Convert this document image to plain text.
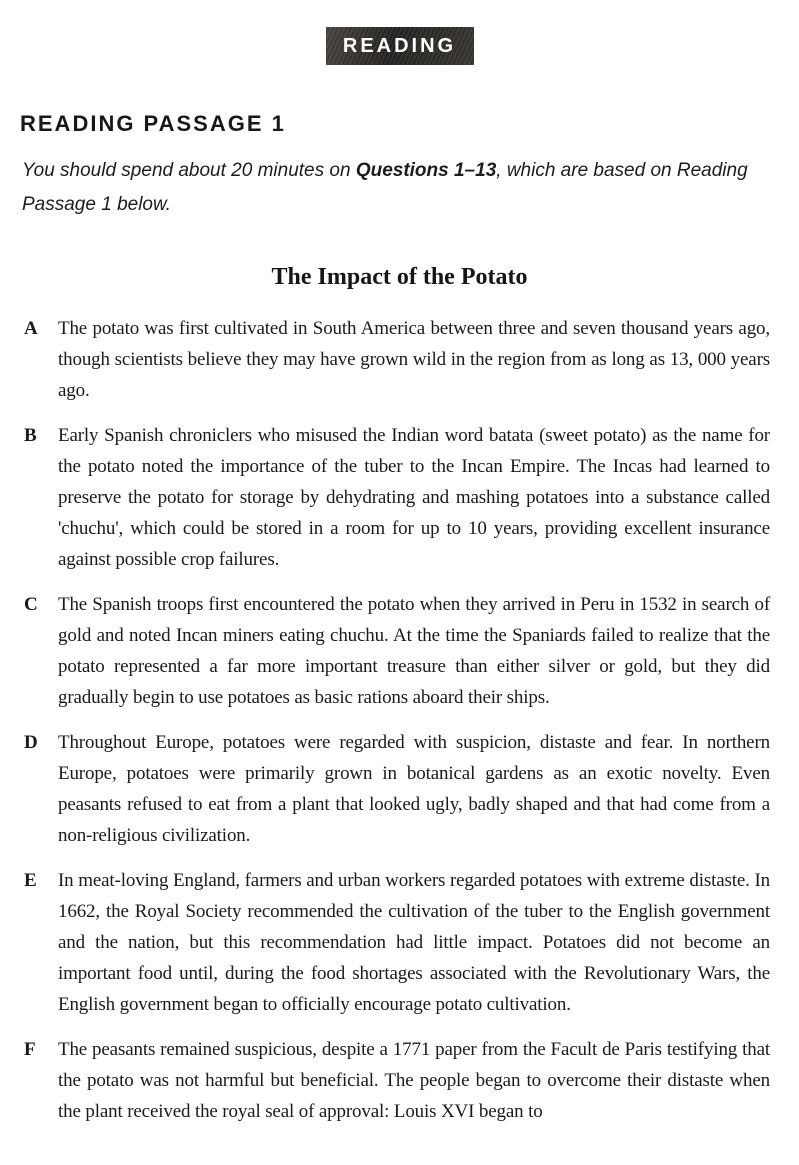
READING
READING PASSAGE 1

You should spend about 20 minutes on Questions 1–13, which are based on Reading Passage 1 below.

The Impact of the Potato
A	The potato was first cultivated in South America between three and seven thousand years ago, though scientists believe they may have grown wild in the region from as long as 13, 000 years ago.
B	Early Spanish chroniclers who misused the Indian word batata (sweet potato) as the name for the potato noted the importance of the tuber to the Incan Empire. The Incas had learned to preserve the potato for storage by dehydrating and mashing potatoes into a substance called 'chuchu', which could be stored in a room for up to 10 years, providing excellent insurance against possible crop failures.
C	The Spanish troops first encountered the potato when they arrived in Peru in 1532 in search of gold and noted Incan miners eating chuchu. At the time the Spaniards failed to realize that the potato represented a far more important treasure than either silver or gold, but they did gradually begin to use potatoes as basic rations aboard their ships.
D	Throughout Europe, potatoes were regarded with suspicion, distaste and fear. In northern Europe, potatoes were primarily grown in botanical gardens as an exotic novelty. Even peasants refused to eat from a plant that looked ugly, badly shaped and that had come from a non-religious civilization.
E	In meat-loving England, farmers and urban workers regarded potatoes with extreme distaste. In 1662, the Royal Society recommended the cultivation of the tuber to the English government and the nation, but this recommendation had little impact. Potatoes did not become an important food until, during the food shortages associated with the Revolutionary Wars, the English government began to officially encourage potato cultivation.
F	The peasants remained suspicious, despite a 1771 paper from the Facult de Paris testifying that the potato was not harmful but beneficial. The people began to overcome their distaste when the plant received the royal seal of approval: Louis XVI began to
